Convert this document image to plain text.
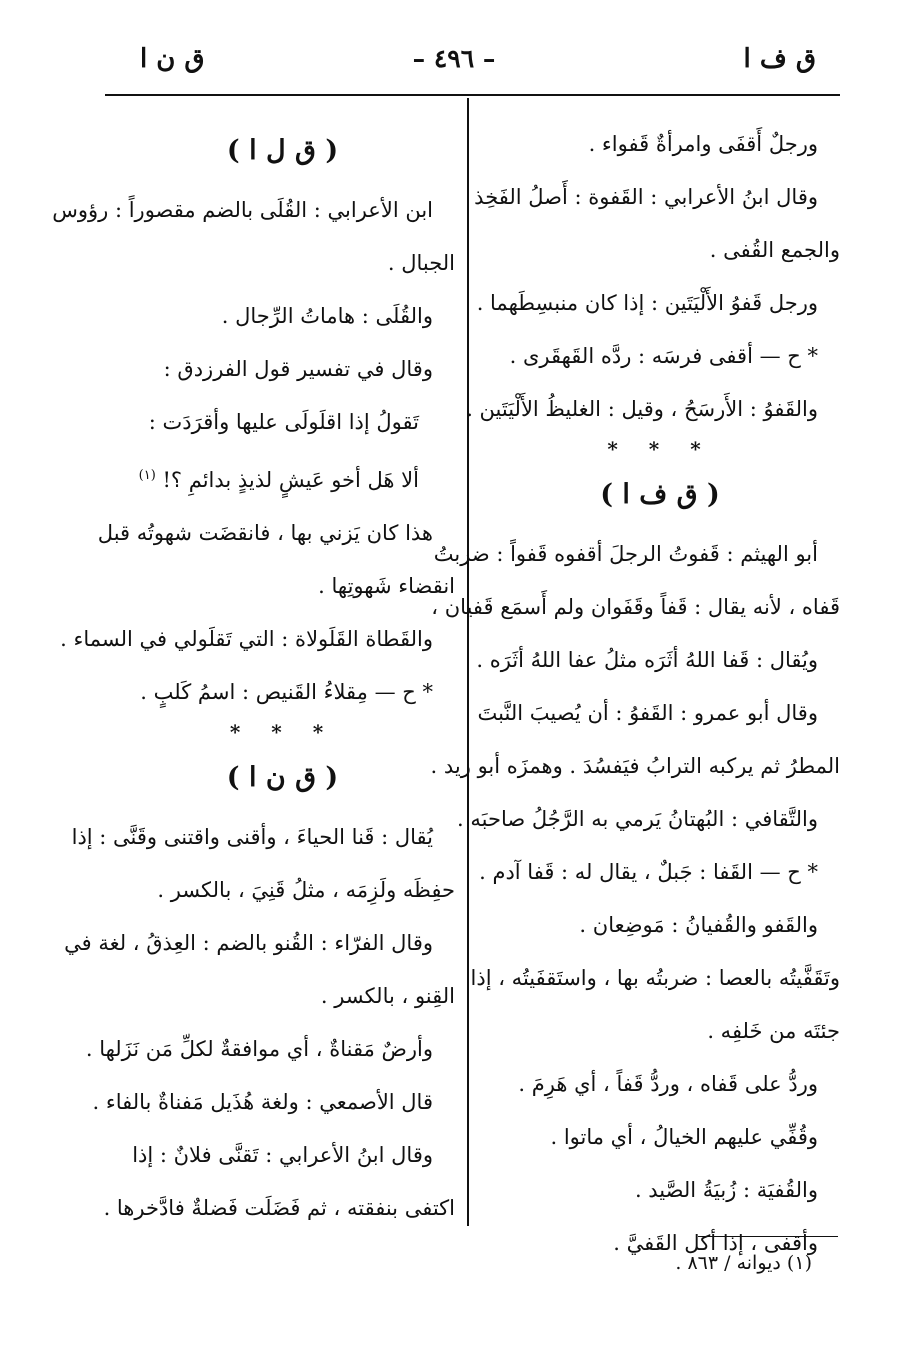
ق ف ا
– ٤٩٦ –
ق ن ا
ورجلٌ أَقفَى وامرأةٌ قَفواء .
وقال ابنُ الأعرابي : القَفوة : أَصلُ الفَخِذ
والجمع القُفى .
ورجل قَفوُ الأَلْيَتَين : إذا كان منبسِطَهما .
* ح — أقفى فرسَه : ردَّه القَهقَرى .
والقَفوُ : الأَرسَحُ ، وقيل : الغليظُ الأَلْيَتَين .
* * *
( ق ف ا )
أبو الهيثم : قَفوتُ الرجلَ أقفوه قَفواً : ضربتُ
قَفاه ، لأنه يقال : قَفاً وقَفَوان ولم أَسمَع قَفيان ،
ويُقال : قَفا اللهُ أثَرَه مثلُ عفا اللهُ أثَرَه .
وقال أبو عمرو : القَفوُ : أن يُصيبَ النَّبتَ
المطرُ ثم يركبه الترابُ فيَفسُدَ . وهمزَه أبو زيد .
والتَّقافي : البُهتانُ يَرمي به الرَّجُلُ صاحبَه .
* ح — القَفا : جَبلٌ ، يقال له : قَفا آدم .
والقَفو والقُفيانُ : مَوضِعان .
وتَقَفَّيتُه بالعصا : ضربتُه بها ، واستَقفَيتُه ، إذا
جئتَه من خَلفِه .
وردُّ على قَفاه ، وردُّ قَفاً ، أي هَرِمَ .
وقُفِّي عليهم الخيالُ ، أي ماتوا .
والقُفيَة : زُبيَةُ الصَّيد .
وأقفى ، إذا أكل القَفيَّ .
( ق ل ا )
ابن الأعرابي : القُلَى بالضم مقصوراً : رؤوس
الجبال .
والقُلَى : هاماتُ الرِّجال .
وقال في تفسير قول الفرزدق :
تَقولُ إذا اقلَولَى عليها وأقرَدَت :
ألا هَل أخو عَيشٍ لذيذٍ بدائمِ ؟! $^{(١)}$
هذا كان يَزني بها ، فانقضَت شهوتُه قبل
انقضاء شَهوتِها .
والقَطاة القَلَولاة : التي تَقلَولي في السماء .
* ح — مِقلاءُ القَنيص : اسمُ كَلبٍ .
* * *
( ق ن ا )
يُقال : قَنا الحياءَ ، وأقنى واقتنى وقَنَّى : إذا
حفِظَه ولَزِمَه ، مثلُ قَنِيَ ، بالكسر .
وقال الفرّاء : القُنو بالضم : العِذقُ ، لغة في
القِنو ، بالكسر .
وأرضٌ مَقناةٌ ، أي موافقةٌ لكلِّ مَن نَزَلها .
قال الأصمعي : ولغة هُذَيل مَفناةٌ بالفاء .
وقال ابنُ الأعرابي : تَقنَّى فلانٌ : إذا
اكتفى بنفقته ، ثم فَضَلَت فَضلةٌ فادَّخرها .
(١) ديوانه / ٨٦٣ .
